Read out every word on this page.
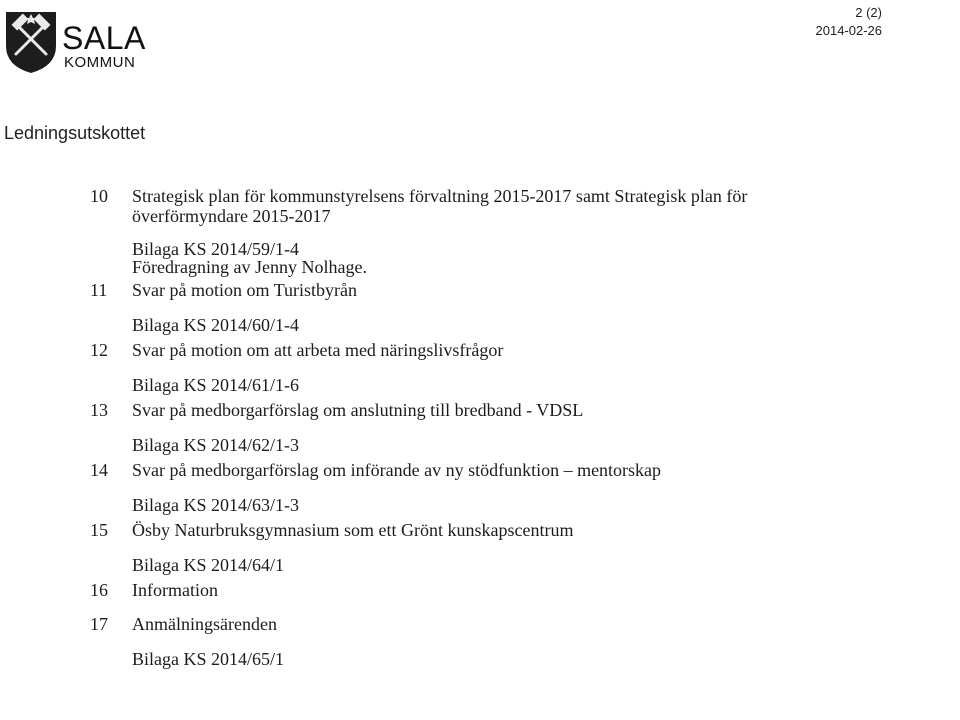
SALA
KOMMUN
2 (2)
2014-02-26
Ledningsutskottet
10	Strategisk plan för kommunstyrelsens förvaltning 2015-2017 samt Strategisk plan för överförmyndare 2015-2017
Bilaga KS 2014/59/1-4
Föredragning av Jenny Nolhage.
11	Svar på motion om Turistbyrån
Bilaga KS 2014/60/1-4
12	Svar på motion om att arbeta med näringslivsfrågor
Bilaga KS 2014/61/1-6
13	Svar på medborgarförslag om anslutning till bredband - VDSL
Bilaga KS 2014/62/1-3
14	Svar på medborgarförslag om införande av ny stödfunktion – mentorskap
Bilaga KS 2014/63/1-3
15	Ösby Naturbruksgymnasium som ett Grönt kunskapscentrum
Bilaga KS 2014/64/1
16	Information
17	Anmälningsärenden
Bilaga KS 2014/65/1
